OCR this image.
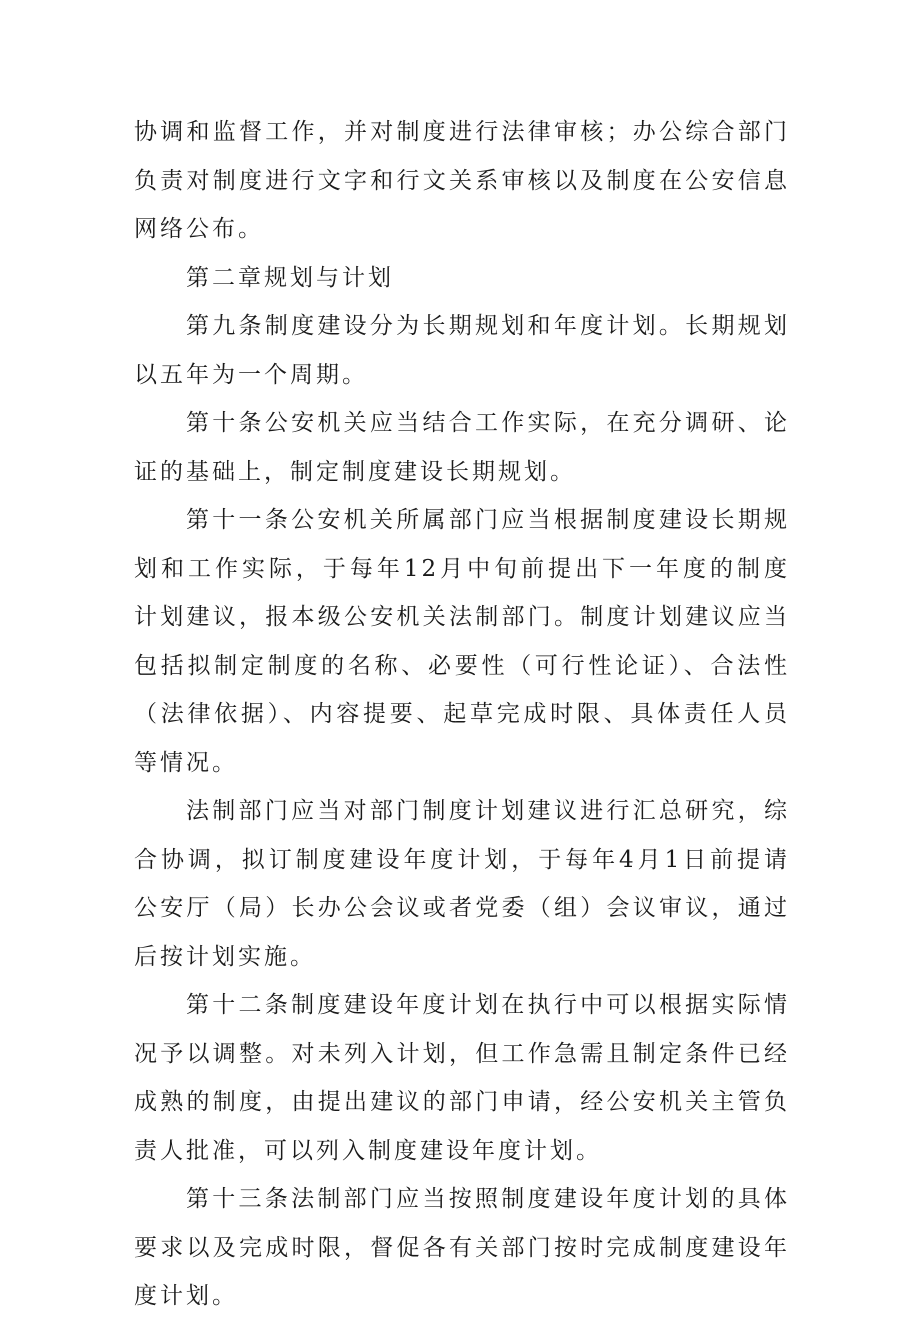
协调和监督工作，并对制度进行法律审核；办公综合部门负责对制度进行文字和行文关系审核以及制度在公安信息网络公布。

第二章规划与计划

第九条制度建设分为长期规划和年度计划。长期规划以五年为一个周期。

第十条公安机关应当结合工作实际，在充分调研、论证的基础上，制定制度建设长期规划。

第十一条公安机关所属部门应当根据制度建设长期规划和工作实际，于每年12月中旬前提出下一年度的制度计划建议，报本级公安机关法制部门。制度计划建议应当包括拟制定制度的名称、必要性（可行性论证）、合法性（法律依据）、内容提要、起草完成时限、具体责任人员等情况。

法制部门应当对部门制度计划建议进行汇总研究，综合协调，拟订制度建设年度计划，于每年4月1日前提请公安厅（局）长办公会议或者党委（组）会议审议，通过后按计划实施。

第十二条制度建设年度计划在执行中可以根据实际情况予以调整。对未列入计划，但工作急需且制定条件已经成熟的制度，由提出建议的部门申请，经公安机关主管负责人批准，可以列入制度建设年度计划。

第十三条法制部门应当按照制度建设年度计划的具体要求以及完成时限，督促各有关部门按时完成制度建设年度计划。
